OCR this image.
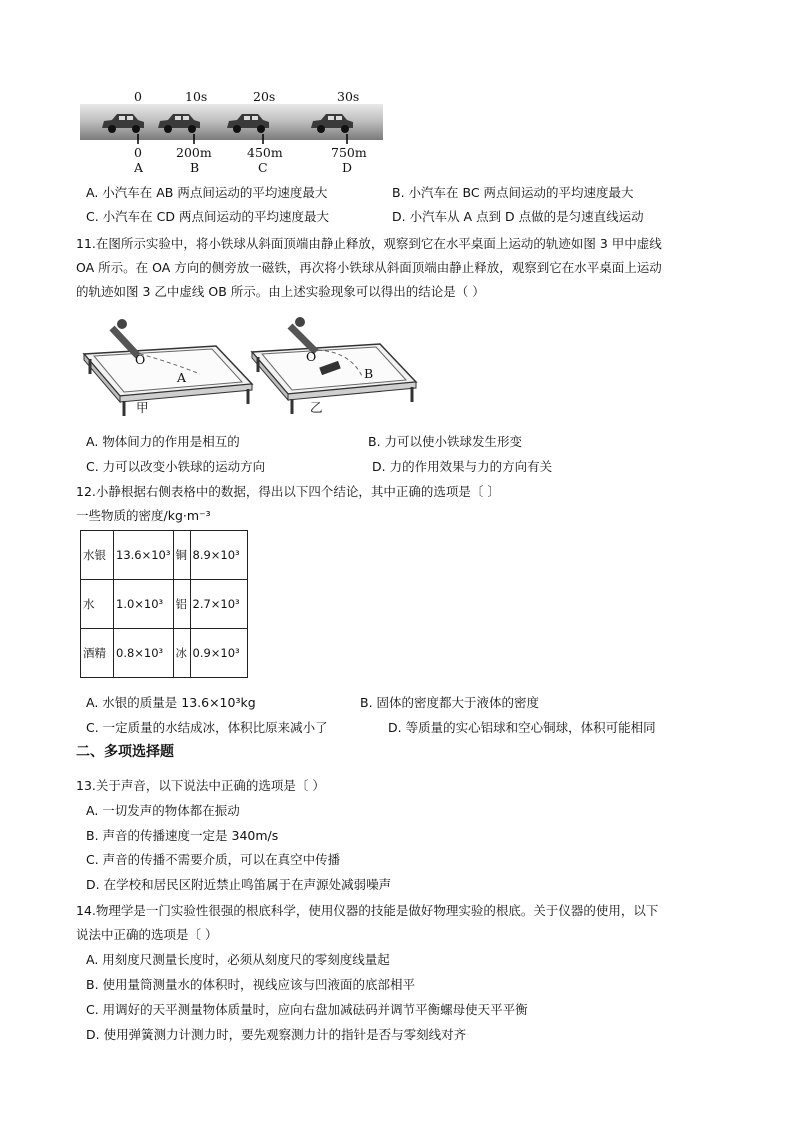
0	10s	20s	30s
0	200m	450m	750m
A	B	C	D
A. 小汽车在 AB 两点间运动的平均速度最大	B. 小汽车在 BC 两点间运动的平均速度最大
C. 小汽车在 CD 两点间运动的平均速度最大	D. 小汽车从 A 点到 D 点做的是匀速直线运动
11.在图所示实验中，将小铁球从斜面顶端由静止释放，观察到它在水平桌面上运动的轨迹如图 3 甲中虚线
OA 所示。在 OA 方向的侧旁放一磁铁，再次将小铁球从斜面顶端由静止释放，观察到它在水平桌面上运动
的轨迹如图 3 乙中虚线 OB 所示。由上述实验现象可以得出的结论是（ ）
O
A
甲
O
B
乙
A. 物体间力的作用是相互的	B. 力可以使小铁球发生形变
C. 力可以改变小铁球的运动方向	D. 力的作用效果与力的方向有关
12.小静根据右侧表格中的数据，得出以下四个结论，其中正确的选项是〔 〕
一些物质的密度/kg·m⁻³
水银	13.6×10³	铜	8.9×10³
水	1.0×10³	铝	2.7×10³
酒精	0.8×10³	冰	0.9×10³
A. 水银的质量是 13.6×10³kg	B. 固体的密度都大于液体的密度
C. 一定质量的水结成冰，体积比原来减小了	D. 等质量的实心铝球和空心铜球，体积可能相同
二、多项选择题
13.关于声音，以下说法中正确的选项是〔 ）
A. 一切发声的物体都在振动
B. 声音的传播速度一定是 340m/s
C. 声音的传播不需要介质，可以在真空中传播
D. 在学校和居民区附近禁止鸣笛属于在声源处减弱噪声
14.物理学是一门实验性很强的根底科学，使用仪器的技能是做好物理实验的根底。关于仪器的使用，以下
说法中正确的选项是〔 ）
A. 用刻度尺测量长度时，必须从刻度尺的零刻度线量起
B. 使用量筒测量水的体积时，视线应该与凹液面的底部相平
C. 用调好的天平测量物体质量时，应向右盘加减砝码并调节平衡螺母使天平平衡
D. 使用弹簧测力计测力时，要先观察测力计的指针是否与零刻线对齐
